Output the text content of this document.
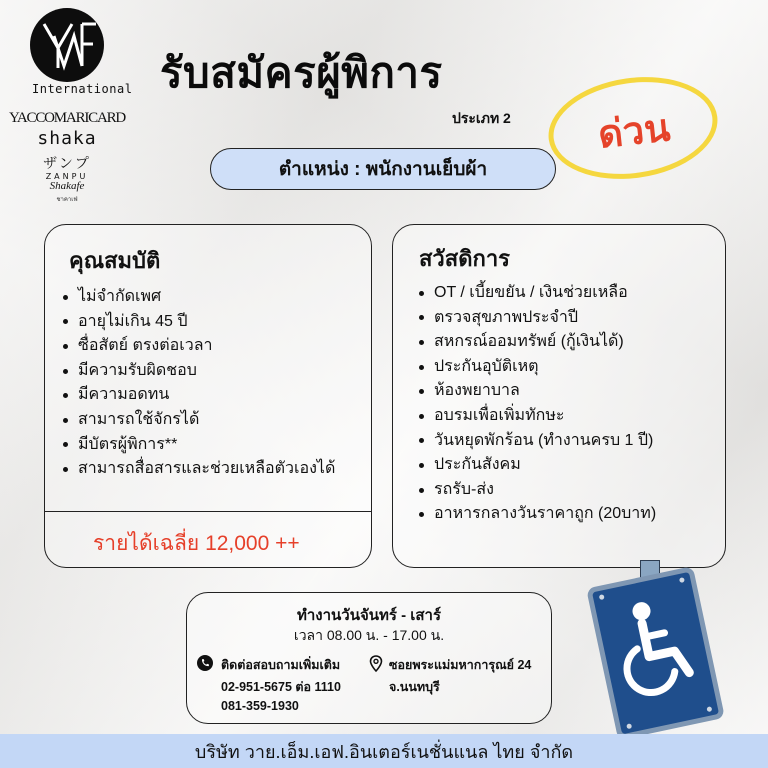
International
YACCOMARICARD
shaka
ザンプ
ZANPU
Shakafe
ชาคาเฟ่
รับสมัครผู้พิการ
ประเภท 2	ด่วน
ตำแหน่ง : พนักงานเย็บผ้า
คุณสมบัติ
ไม่จำกัดเพศ
อายุไม่เกิน 45 ปี
ซื่อสัตย์ ตรงต่อเวลา
มีความรับผิดชอบ
มีความอดทน
สามารถใช้จักรได้
มีบัตรผู้พิการ**
สามารถสื่อสารและช่วยเหลือตัวเองได้
รายได้เฉลี่ย 12,000 ++
สวัสดิการ
OT / เบี้ยขยัน / เงินช่วยเหลือ
ตรวจสุขภาพประจำปี
สหกรณ์ออมทรัพย์ (กู้เงินได้)
ประกันอุบัติเหตุ
ห้องพยาบาล
อบรมเพื่อเพิ่มทักษะ
วันหยุดพักร้อน (ทำงานครบ 1 ปี)
ประกันสังคม
รถรับ-ส่ง
อาหารกลางวันราคาถูก (20บาท)
ทำงานวันจันทร์ - เสาร์
เวลา 08.00 น. - 17.00 น.
ติดต่อสอบถามเพิ่มเติม
02-951-5675 ต่อ 1110
081-359-1930
ซอยพระแม่มหาการุณย์ 24
จ.นนทบุรี
บริษัท วาย.เอ็ม.เอฟ.อินเตอร์เนชั่นแนล ไทย จำกัด
